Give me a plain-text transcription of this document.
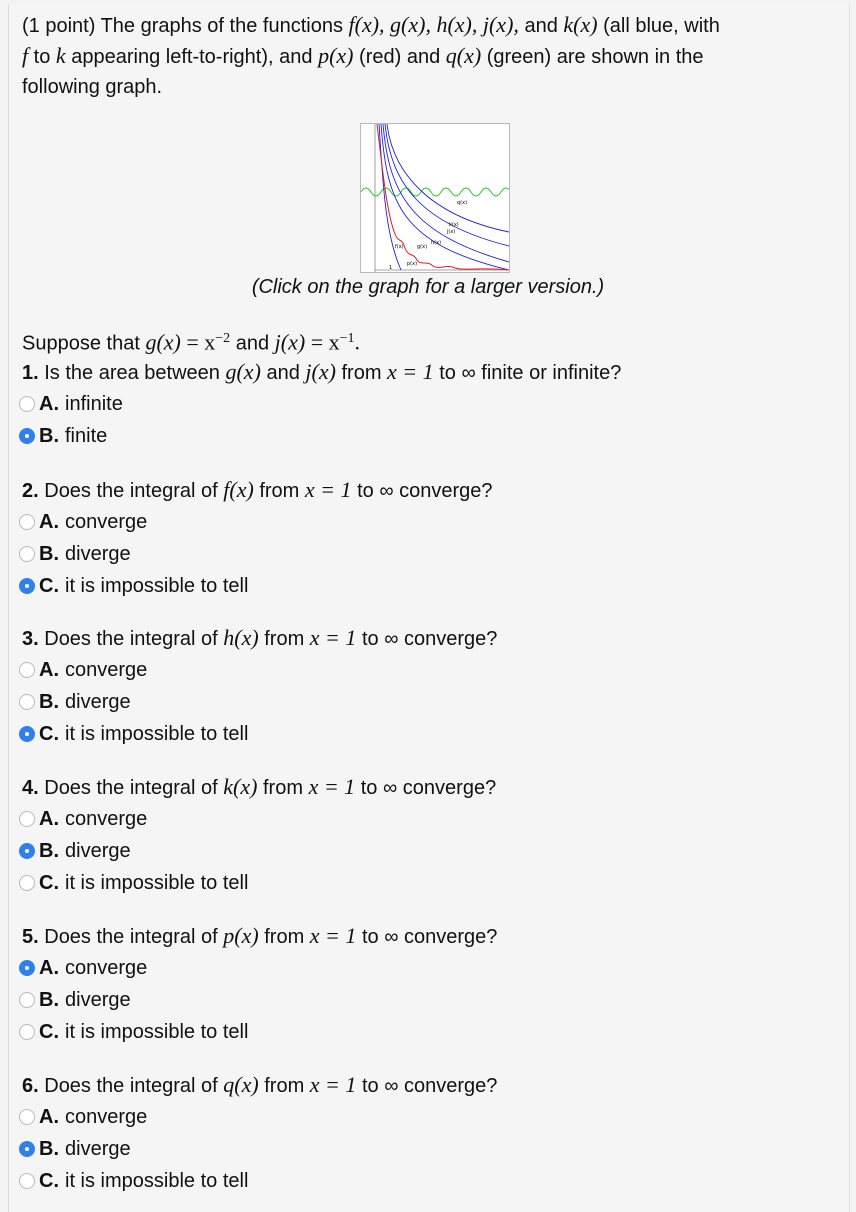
(1 point) The graphs of the functions f(x), g(x), h(x), j(x), and k(x) (all blue, with
f to k appearing left-to-right), and p(x) (red) and q(x) (green) are shown in the
following graph.
q(x)
k(x)
j(x)
f(x)	g(x)
h(x)
p(x)
1
(Click on the graph for a larger version.)
Suppose that $g(x) = x^{-2}$ and $j(x) = x^{-1}$.
1. Is the area between g(x) and j(x) from x = 1 to ∞ finite or infinite?
A. infinite
B. finite
2. Does the integral of f(x) from x = 1 to ∞ converge?
A. converge
B. diverge
C. it is impossible to tell
3. Does the integral of h(x) from x = 1 to ∞ converge?
A. converge
B. diverge
C. it is impossible to tell
4. Does the integral of k(x) from x = 1 to ∞ converge?
A. converge
B. diverge
C. it is impossible to tell
5. Does the integral of p(x) from x = 1 to ∞ converge?
A. converge
B. diverge
C. it is impossible to tell
6. Does the integral of q(x) from x = 1 to ∞ converge?
A. converge
B. diverge
C. it is impossible to tell
